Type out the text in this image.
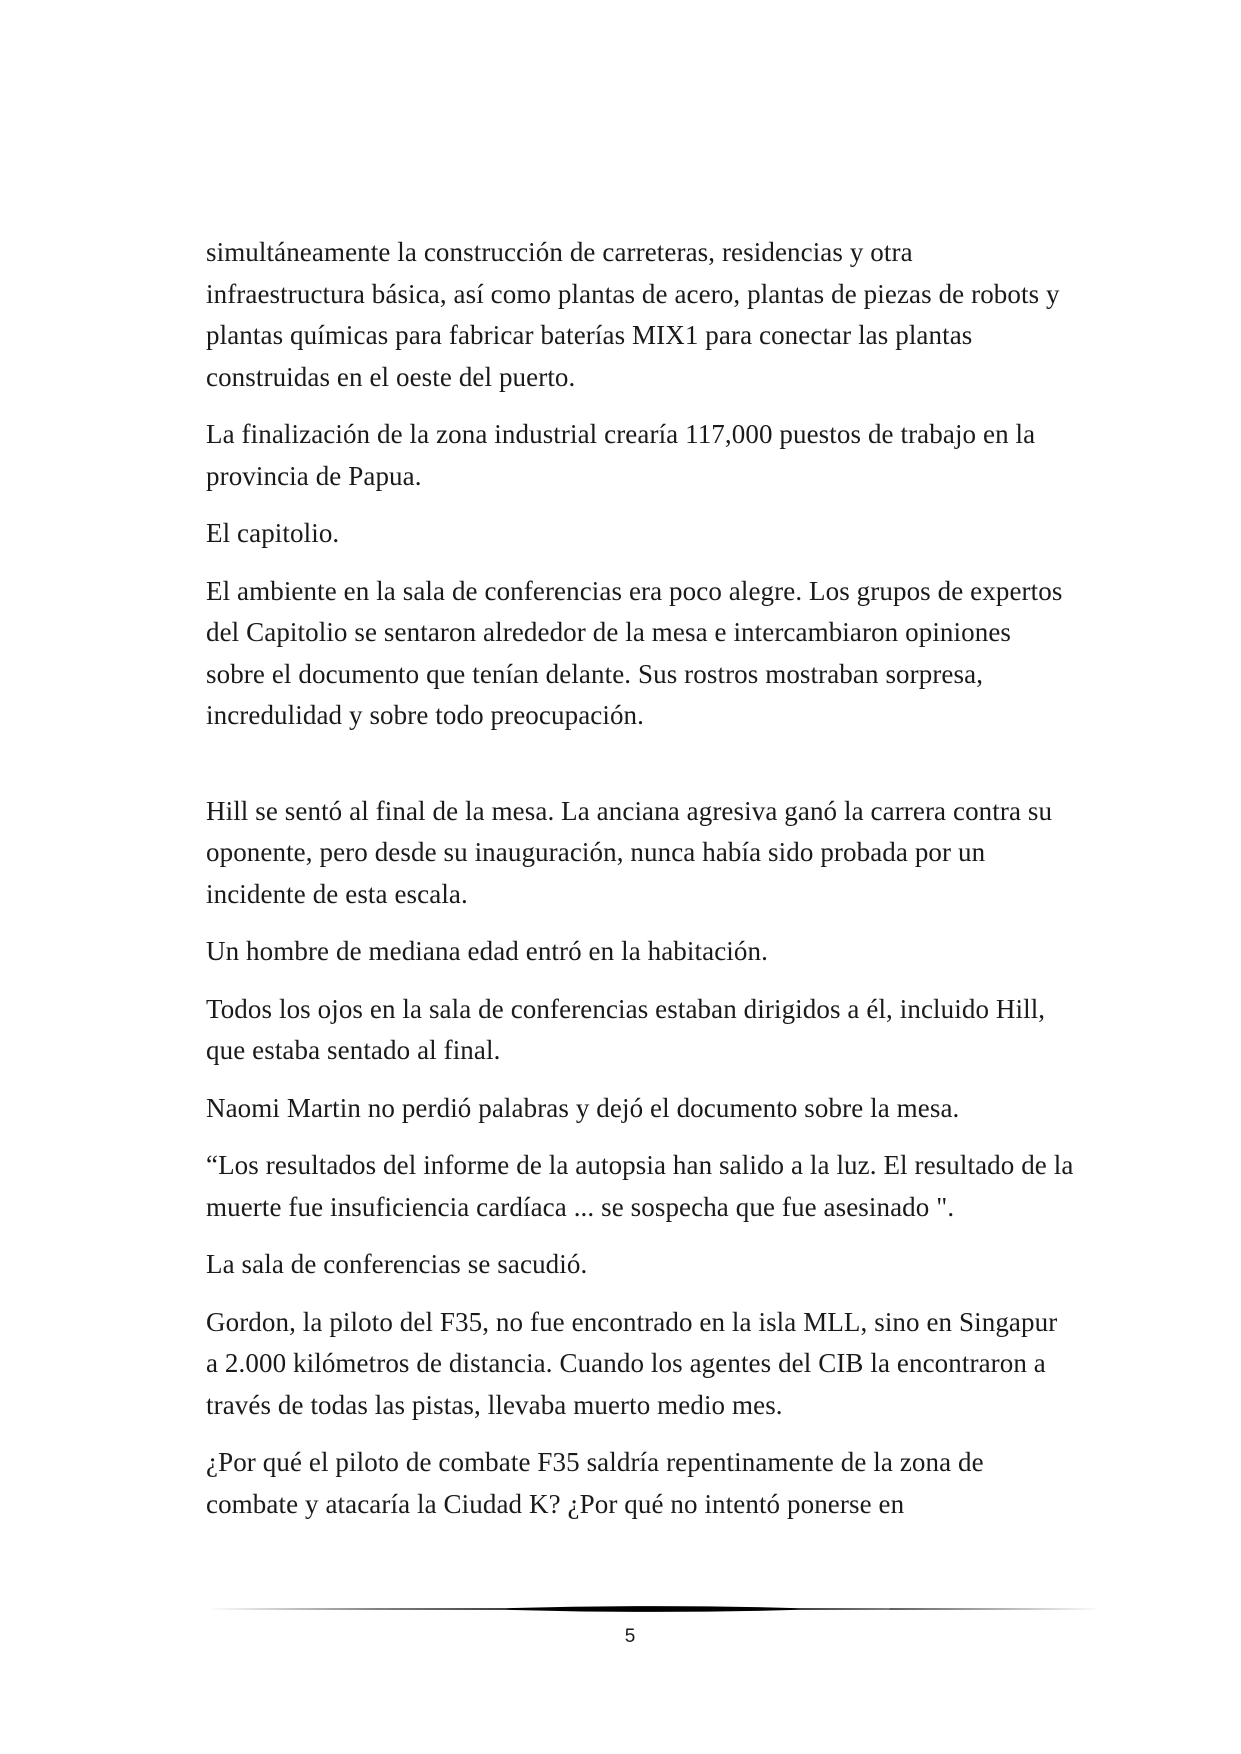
simultáneamente la construcción de carreteras, residencias y otra infraestructura básica, así como plantas de acero, plantas de piezas de robots y plantas químicas para fabricar baterías MIX1 para conectar las plantas construidas en el oeste del puerto.

La finalización de la zona industrial crearía 117,000 puestos de trabajo en la provincia de Papua.

El capitolio.

El ambiente en la sala de conferencias era poco alegre. Los grupos de expertos del Capitolio se sentaron alrededor de la mesa e intercambiaron opiniones sobre el documento que tenían delante. Sus rostros mostraban sorpresa, incredulidad y sobre todo preocupación.

Hill se sentó al final de la mesa. La anciana agresiva ganó la carrera contra su oponente, pero desde su inauguración, nunca había sido probada por un incidente de esta escala.

Un hombre de mediana edad entró en la habitación.

Todos los ojos en la sala de conferencias estaban dirigidos a él, incluido Hill, que estaba sentado al final.

Naomi Martin no perdió palabras y dejó el documento sobre la mesa.

“Los resultados del informe de la autopsia han salido a la luz. El resultado de la muerte fue insuficiencia cardíaca ... se sospecha que fue asesinado ".

La sala de conferencias se sacudió.

Gordon, la piloto del F35, no fue encontrado en la isla MLL, sino en Singapur a 2.000 kilómetros de distancia. Cuando los agentes del CIB la encontraron a través de todas las pistas, llevaba muerto medio mes.

¿Por qué el piloto de combate F35 saldría repentinamente de la zona de combate y atacaría la Ciudad K? ¿Por qué no intentó ponerse en

5
